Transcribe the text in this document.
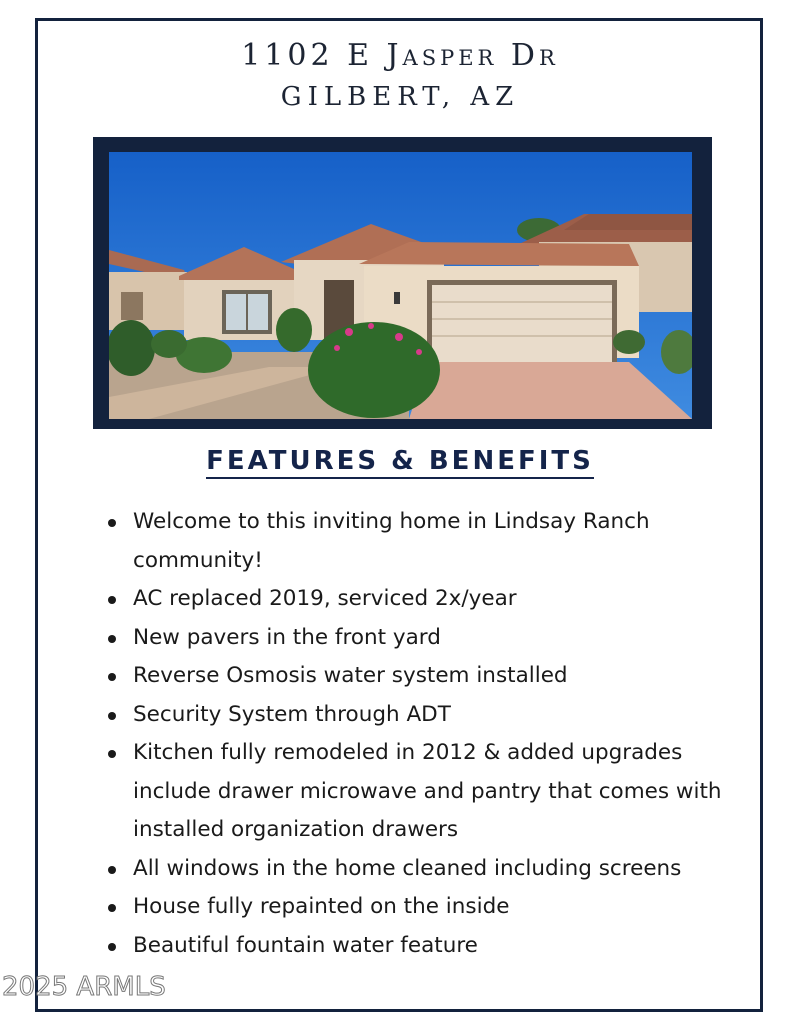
1102 E Jasper Dr
GILBERT, AZ
FEATURES & BENEFITS
Welcome to this inviting home in Lindsay Ranch community!
AC replaced 2019, serviced 2x/year
New pavers in the front yard
Reverse Osmosis water system installed
Security System through ADT
Kitchen fully remodeled in 2012 & added upgrades include drawer microwave and pantry that comes with installed organization drawers
All windows in the home cleaned including screens
House fully repainted on the inside
Beautiful fountain water feature
2025 ARMLS
